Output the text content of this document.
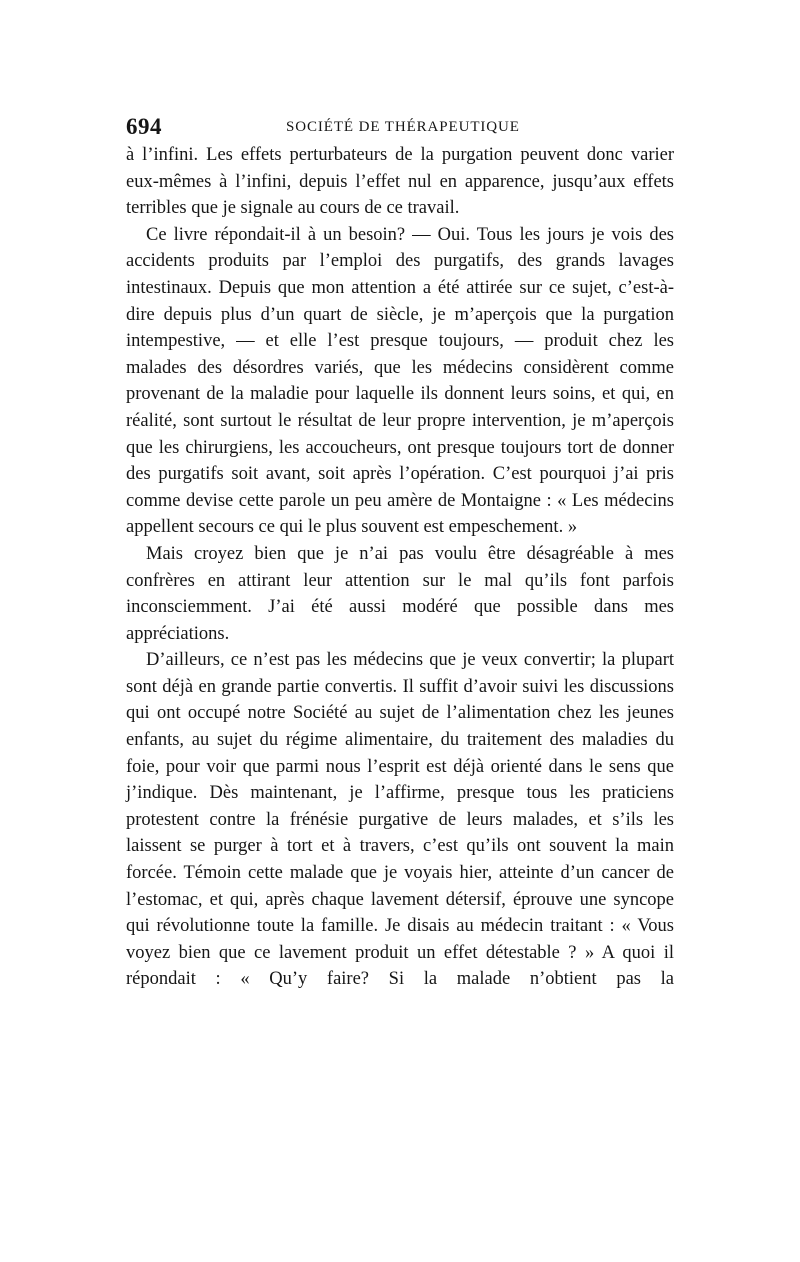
694	SOCIÉTÉ DE THÉRAPEUTIQUE

à l’infini. Les effets perturbateurs de la purgation peuvent donc varier eux-mêmes à l’infini, depuis l’effet nul en apparence, jusqu’aux effets terribles que je signale au cours de ce travail.

Ce livre répondait-il à un besoin? — Oui. Tous les jours je vois des accidents produits par l’emploi des purgatifs, des grands lavages intestinaux. Depuis que mon attention a été attirée sur ce sujet, c’est-à-dire depuis plus d’un quart de siècle, je m’aperçois que la purgation intempestive, — et elle l’est presque toujours, — produit chez les malades des désordres variés, que les médecins considèrent comme provenant de la maladie pour laquelle ils donnent leurs soins, et qui, en réalité, sont surtout le résultat de leur propre intervention, je m’aperçois que les chirurgiens, les accoucheurs, ont presque toujours tort de donner des purgatifs soit avant, soit après l’opération. C’est pourquoi j’ai pris comme devise cette parole un peu amère de Montaigne : « Les médecins appellent secours ce qui le plus souvent est empeschement. »

Mais croyez bien que je n’ai pas voulu être désagréable à mes confrères en attirant leur attention sur le mal qu’ils font parfois inconsciemment. J’ai été aussi modéré que possible dans mes appréciations.

D’ailleurs, ce n’est pas les médecins que je veux convertir; la plupart sont déjà en grande partie convertis. Il suffit d’avoir suivi les discussions qui ont occupé notre Société au sujet de l’alimentation chez les jeunes enfants, au sujet du régime alimentaire, du traitement des maladies du foie, pour voir que parmi nous l’esprit est déjà orienté dans le sens que j’indique. Dès maintenant, je l’affirme, presque tous les praticiens protestent contre la frénésie purgative de leurs malades, et s’ils les laissent se purger à tort et à travers, c’est qu’ils ont souvent la main forcée. Témoin cette malade que je voyais hier, atteinte d’un cancer de l’estomac, et qui, après chaque lavement détersif, éprouve une syncope qui révolutionne toute la famille. Je disais au médecin traitant : « Vous voyez bien que ce lavement produit un effet détestable ? » A quoi il répondait : « Qu’y faire? Si la malade n’obtient pas la
